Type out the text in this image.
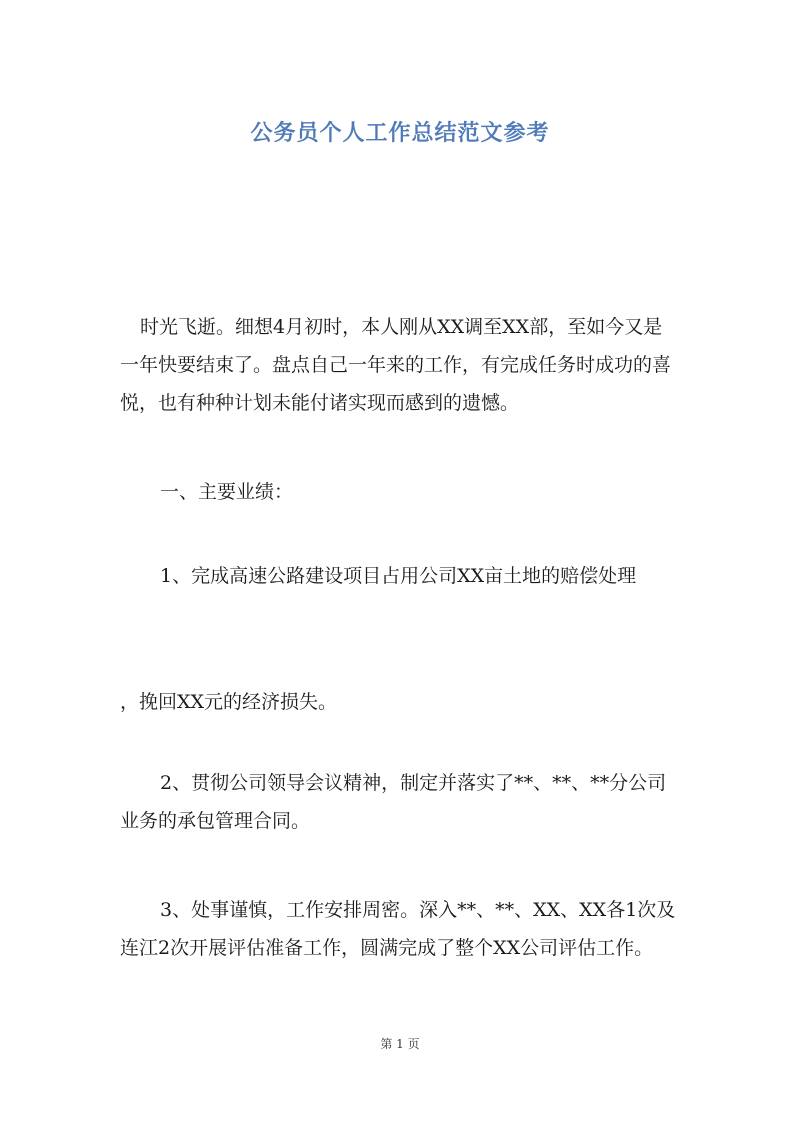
公务员个人工作总结范文参考

时光飞逝。细想4月初时，本人刚从XX调至XX部，至如今又是一年快要结束了。盘点自己一年来的工作，有完成任务时成功的喜悦，也有种种计划未能付诸实现而感到的遗憾。

一、主要业绩：

1、完成高速公路建设项目占用公司XX亩土地的赔偿处理

，挽回XX元的经济损失。

2、贯彻公司领导会议精神，制定并落实了**、**、**分公司业务的承包管理合同。

3、处事谨慎，工作安排周密。深入**、**、XX、XX各1次及连江2次开展评估准备工作，圆满完成了整个XX公司评估工作。

第 1 页
